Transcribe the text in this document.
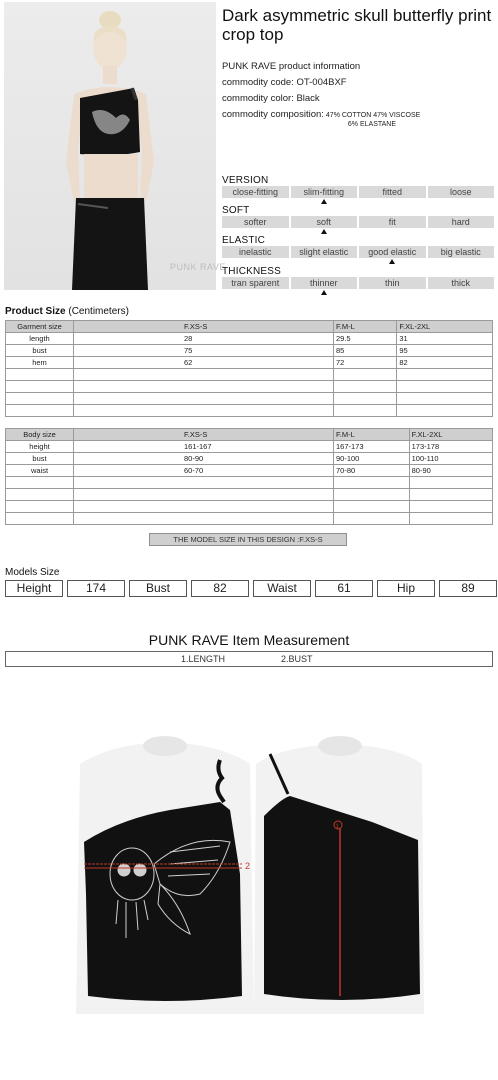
PUNK RAVE
Dark asymmetric skull butterfly print crop top
PUNK RAVE product information
commodity code: OT-004BXF
commodity color: Black
commodity composition: 47% COTTON 47% VISCOSE
6% ELASTANE
VERSION
close-fitting	slim-fitting	fitted	loose
SOFT
softer	soft	fit	hard
ELASTIC
inelastic	slight elastic	good elastic	big elastic
THICKNESS
tran sparent	thinner	thin	thick
Product Size (Centimeters)
Garment size	F.XS-S	F.M-L	F.XL-2XL
length	28	29.5	31
bust	75	85	95
hem	62	72	82

Body size	F.XS-S	F.M-L	F.XL-2XL
height	161-167	167-173	173-178
bust	80-90	90-100	100-110
waist	60-70	70-80	80-90

THE MODEL SIZE IN THIS DESIGN :F.XS-S
Models Size
Height	174	Bust	82	Waist	61	Hip	89
PUNK RAVE Item Measurement
1.LENGTH	2.BUST
2
1
